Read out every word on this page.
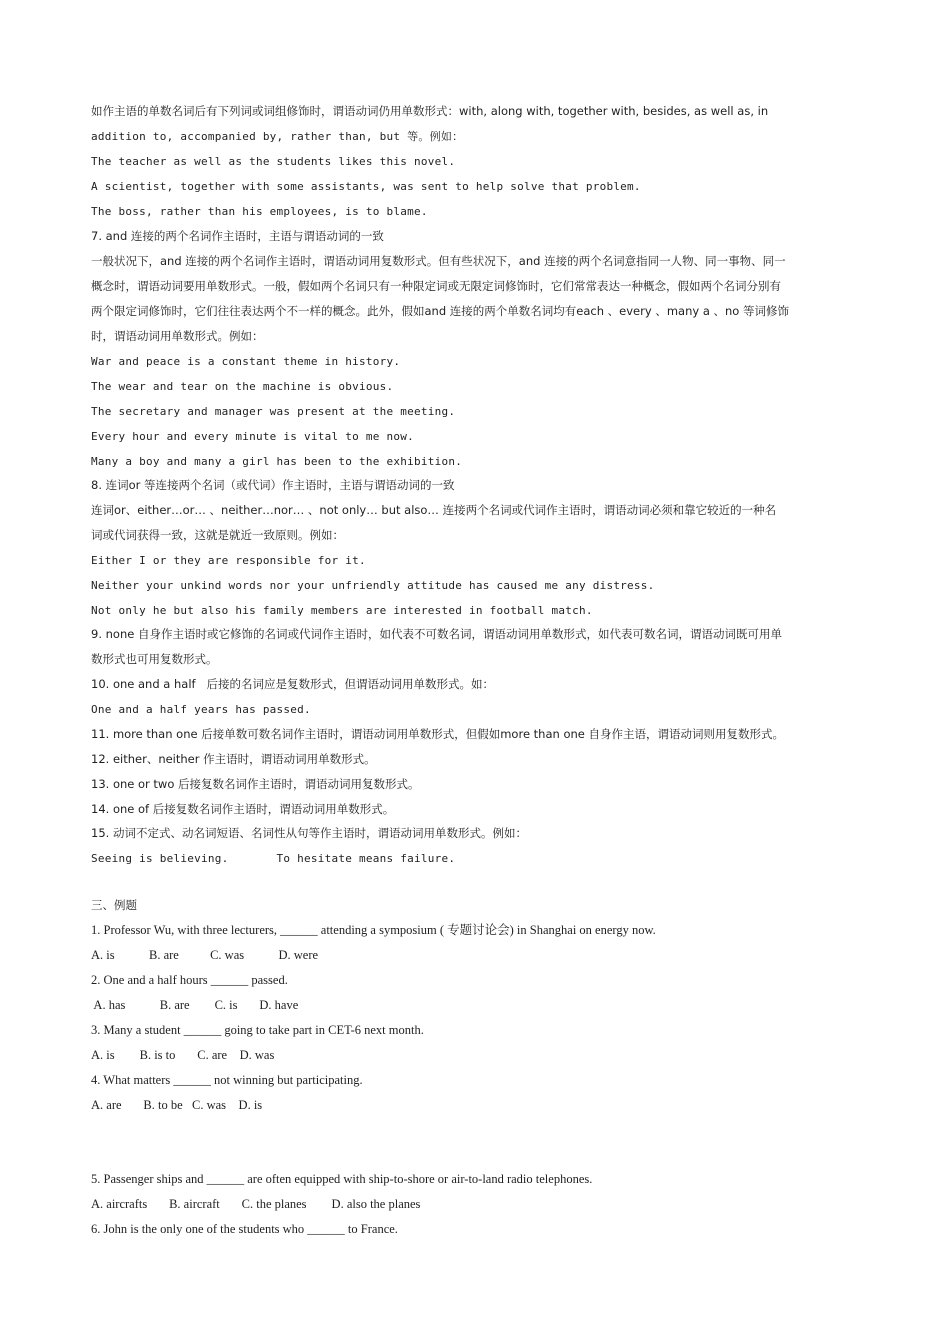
如作主语的单数名词后有下列词或词组修饰时，谓语动词仍用单数形式：with, along with, together with, besides, as well as, in
addition to, accompanied by, rather than, but 等。例如：
The teacher as well as the students likes this novel.
A scientist, together with some assistants, was sent to help solve that problem.
The boss, rather than his employees, is to blame.
7. and 连接的两个名词作主语时，主语与谓语动词的一致
一般状况下，and 连接的两个名词作主语时，谓语动词用复数形式。但有些状况下，and 连接的两个名词意指同一人物、同一事物、同一
概念时，谓语动词要用单数形式。一般，假如两个名词只有一种限定词或无限定词修饰时，它们常常表达一种概念，假如两个名词分别有
两个限定词修饰时，它们往往表达两个不一样的概念。此外，假如and 连接的两个单数名词均有each 、every 、many a 、no 等词修饰
时，谓语动词用单数形式。例如：
War and peace is a constant theme in history.
The wear and tear on the machine is obvious.
The secretary and manager was present at the meeting.
Every hour and every minute is vital to me now.
Many a boy and many a girl has been to the exhibition.
8. 连词or 等连接两个名词（或代词）作主语时，主语与谓语动词的一致
连词or、either…or… 、neither…nor… 、not only… but also… 连接两个名词或代词作主语时，谓语动词必须和靠它较近的一种名
词或代词获得一致，这就是就近一致原则。例如：
Either I or they are responsible for it.
Neither your unkind words nor your unfriendly attitude has caused me any distress.
Not only he but also his family members are interested in football match.
9. none 自身作主语时或它修饰的名词或代词作主语时，如代表不可数名词，谓语动词用单数形式，如代表可数名词，谓语动词既可用单
数形式也可用复数形式。
10. one and a half   后接的名词应是复数形式，但谓语动词用单数形式。如：
One and a half years has passed.
11. more than one 后接单数可数名词作主语时，谓语动词用单数形式，但假如more than one 自身作主语，谓语动词则用复数形式。
12. either、neither 作主语时，谓语动词用单数形式。
13. one or two 后接复数名词作主语时，谓语动词用复数形式。
14. one of 后接复数名词作主语时，谓语动词用单数形式。
15. 动词不定式、动名词短语、名词性从句等作主语时，谓语动词用单数形式。例如：
Seeing is believing.       To hesitate means failure.
三、例题
1. Professor Wu, with three lecturers, ______ attending a symposium ( 专题讨论会) in Shanghai on energy now.
A. is           B. are          C. was           D. were
2. One and a half hours ______ passed.
A. has           B. are        C. is       D. have
3. Many a student ______ going to take part in CET-6 next month.
A. is        B. is to       C. are    D. was
4. What matters ______ not winning but participating.
A. are       B. to be   C. was    D. is
5. Passenger ships and ______ are often equipped with ship-to-shore or air-to-land radio telephones.
A. aircrafts       B. aircraft       C. the planes        D. also the planes
6. John is the only one of the students who ______ to France.
